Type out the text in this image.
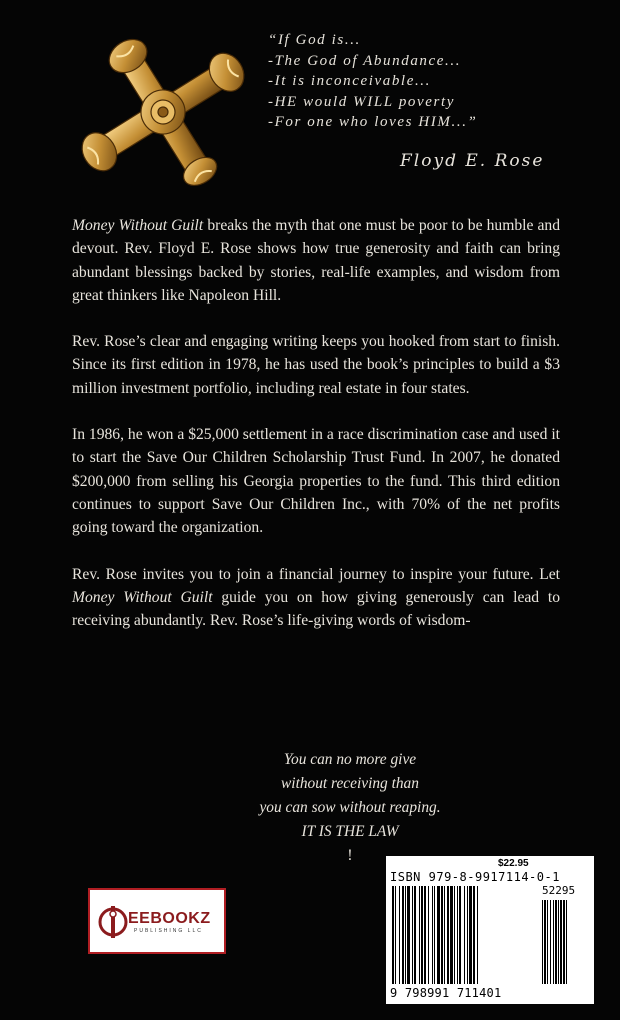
“If God is...
-The God of Abundance...
-It is inconceivable...
-HE would WILL poverty
-For one who loves HIM...”
Floyd E. Rose

Money Without Guilt breaks the myth that one must be poor to be humble and devout. Rev. Floyd E. Rose shows how true generosity and faith can bring abundant blessings backed by stories, real-life examples, and wisdom from great thinkers like Napoleon Hill.

Rev. Rose’s clear and engaging writing keeps you hooked from start to finish. Since its first edition in 1978, he has used the book’s principles to build a $3 million investment portfolio, including real estate in four states.

In 1986, he won a $25,000 settlement in a race discrimination case and used it to start the Save Our Children Scholarship Trust Fund. In 2007, he donated $200,000 from selling his Georgia properties to the fund. This third edition continues to support Save Our Children Inc., with 70% of the net profits going toward the organization.

Rev. Rose invites you to join a financial journey to inspire your future. Let Money Without Guilt guide you on how giving generously can lead to receiving abundantly. Rev. Rose’s life-giving words of wisdom-

You can no more give
without receiving than
you can sow without reaping.
IT IS THE LAW
!
EEBOOKZ
PUBLISHING LLC
$22.95
ISBN 979-8-9917114-0-1
52295
9 798991 711401
